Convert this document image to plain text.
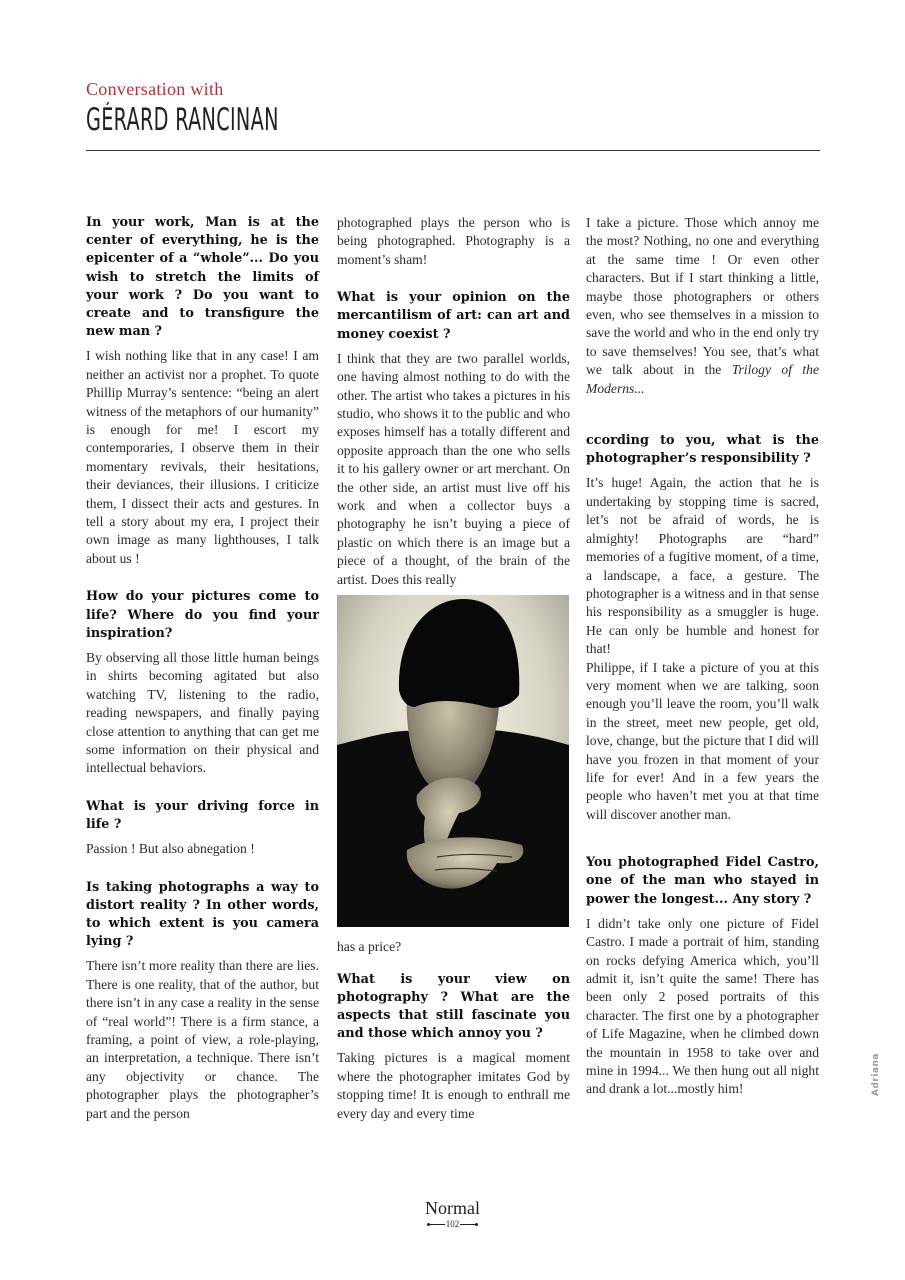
Conversation with
GÉRARD RANCINAN

In your work, Man is at the center of everything, he is the epicenter of a “whole”... Do you wish to stretch the limits of your work ? Do you want to create and to transfigure the new man ?

I wish nothing like that in any case! I am neither an activist nor a prophet. To quote Phillip Murray’s sentence: “being an alert witness of the metaphors of our humanity” is enough for me! I escort my contemporaries, I observe them in their momentary revivals, their hesitations, their deviances, their illusions. I criticize them, I dissect their acts and gestures. In tell a story about my era, I project their own image as many lighthouses, I talk about us !

How do your pictures come to life? Where do you find your inspiration?

By observing all those little human beings in shirts becoming agitated but also watching TV, listening to the radio, reading newspapers, and finally paying close attention to anything that can get me some information on their physical and intellectual behaviors.

What is your driving force in life ?

Passion ! But also abnegation !

Is taking photographs a way to distort reality ? In other words, to which extent is you camera lying ?

There isn’t more reality than there are lies. There is one reality, that of the author, but there isn’t in any case a reality in the sense of “real world”! There is a firm stance, a framing, a point of view, a role-playing, an interpretation, a technique. There isn’t any objectivity or chance. The photographer plays the photographer’s part and the person

photographed plays the person who is being photographed. Photography is a moment’s sham!

What is your opinion on the mercantilism of art: can art and money coexist ?

I think that they are two parallel worlds, one having almost nothing to do with the other. The artist who takes a pictures in his studio, who shows it to the public and who exposes himself has a totally different and opposite approach than the one who sells it to his gallery owner or art merchant. On the other side, an artist must live off his work and when a collector buys a photography he isn’t buying a piece of plastic on which there is an image but a piece of a thought, of the brain of the artist. Does this really

has a price?

What is your view on photography ? What are the aspects that still fascinate you and those which annoy you ?

Taking pictures is a magical moment where the photographer imitates God by stopping time! It is enough to enthrall me every day and every time

I take a picture. Those which annoy me the most? Nothing, no one and everything at the same time ! Or even other characters. But if I start thinking a little, maybe those photographers or others even, who see themselves in a mission to save the world and who in the end only try to save themselves! You see, that’s what we talk about in the Trilogy of the Moderns...

ccording to you, what is the photographer’s responsibility ?

It’s huge! Again, the action that he is undertaking by stopping time is sacred, let’s not be afraid of words, he is almighty! Photographs are “hard” memories of a fugitive moment, of a time, a landscape, a face, a gesture. The photographer is a witness and in that sense his responsibility as a smuggler is huge. He can only be humble and honest for that!

Philippe, if I take a picture of you at this very moment when we are talking, soon enough you’ll leave the room, you’ll walk in the street, meet new people, get old, love, change, but the picture that I did will have you frozen in that moment of your life for ever! And in a few years the people who haven’t met you at that time will discover another man.

You photographed Fidel Castro, one of the man who stayed in power the longest... Any story ?

I didn’t take only one picture of Fidel Castro. I made a portrait of him, standing on rocks defying America which, you’ll admit it, isn’t quite the same! There has been only 2 posed portraits of this character. The first one by a photographer of Life Magazine, when he climbed down the mountain in 1958 to take over and mine in 1994... We then hung out all night and drank a lot...mostly him!	Adriana
Normal
102
